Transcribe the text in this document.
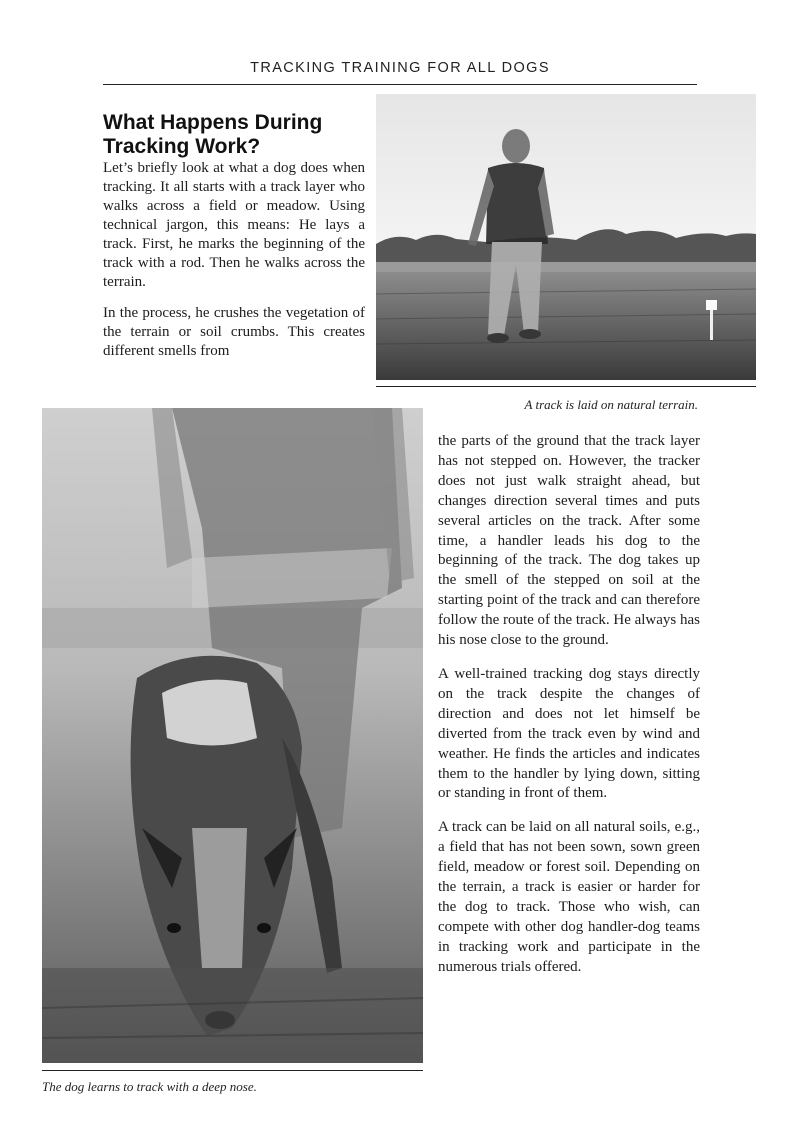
TRACKING TRAINING FOR ALL DOGS
What Happens During Tracking Work?

Let’s briefly look at what a dog does when tracking. It all starts with a track layer who walks across a field or meadow. Using technical jargon, this means: He lays a track. First, he marks the beginning of the track with a rod. Then he walks across the terrain.

In the process, he crushes the vegetation of the terrain or soil crumbs. This creates different smells from

A track is laid on natural terrain.

the parts of the ground that the track layer has not stepped on. However, the tracker does not just walk straight ahead, but changes direction several times and puts several articles on the track. After some time, a handler leads his dog to the beginning of the track. The dog takes up the smell of the stepped on soil at the starting point of the track and can therefore follow the route of the track. He always has his nose close to the ground.

A well-trained tracking dog stays directly on the track despite the changes of direction and does not let himself be diverted from the track even by wind and weather. He finds the articles and indicates them to the handler by lying down, sitting or standing in front of them.

A track can be laid on all natural soils, e.g., a field that has not been sown, sown green field, meadow or forest soil. Depending on the terrain, a track is easier or harder for the dog to track. Those who wish, can compete with other dog handler-dog teams in tracking work and participate in the numerous trials offered.

The dog learns to track with a deep nose.
